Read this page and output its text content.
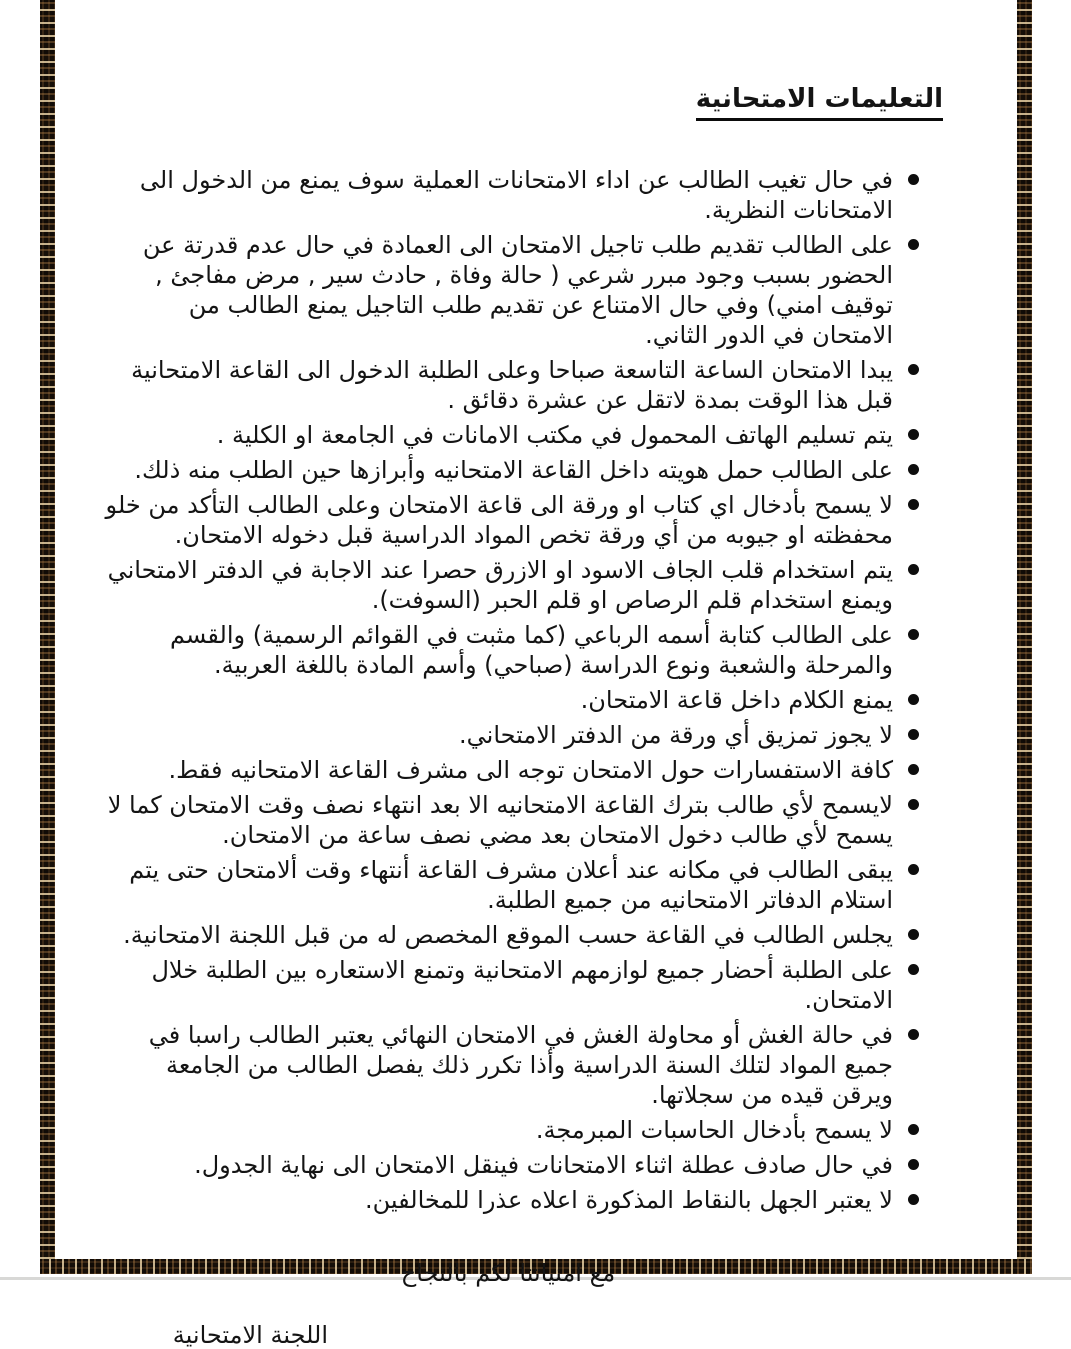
التعليمات الامتحانية
في حال تغيب الطالب عن اداء الامتحانات العملية سوف يمنع من الدخول الى الامتحانات النظرية.
على الطالب تقديم طلب تاجيل الامتحان الى العمادة في حال عدم قدرتة عن الحضور بسبب وجود مبرر شرعي ( حالة وفاة , حادث سير , مرض مفاجئ , توقيف امني) وفي حال الامتناع عن تقديم طلب التاجيل يمنع الطالب من الامتحان في الدور الثاني.
يبدا الامتحان الساعة التاسعة صباحا وعلى الطلبة الدخول الى القاعة الامتحانية قبل هذا الوقت بمدة لاتقل عن عشرة دقائق .
يتم تسليم الهاتف المحمول في مكتب الامانات في الجامعة او الكلية .
على الطالب حمل هويته داخل القاعة الامتحانيه وأبرازها حين الطلب منه ذلك.
لا يسمح بأدخال اي كتاب او ورقة الى قاعة الامتحان وعلى الطالب التأكد من خلو محفظته او جيوبه من أي ورقة تخص المواد الدراسية قبل دخوله الامتحان.
يتم استخدام قلب الجاف الاسود او الازرق حصرا عند الاجابة في الدفتر الامتحاني ويمنع استخدام قلم الرصاص او قلم الحبر (السوفت).
على الطالب كتابة أسمه الرباعي (كما مثبت في القوائم الرسمية) والقسم والمرحلة والشعبة ونوع الدراسة (صباحي) وأسم المادة باللغة العربية.
يمنع الكلام داخل قاعة الامتحان.
لا يجوز تمزيق أي ورقة من الدفتر الامتحاني.
كافة الاستفسارات حول الامتحان توجه الى مشرف القاعة الامتحانيه فقط.
لايسمح لأي طالب بترك القاعة الامتحانيه الا بعد انتهاء نصف وقت الامتحان كما لا يسمح لأي طالب دخول الامتحان بعد مضي نصف ساعة من الامتحان.
يبقى الطالب في مكانه عند أعلان مشرف القاعة أنتهاء وقت ألامتحان حتى يتم استلام الدفاتر الامتحانيه من جميع الطلبة.
يجلس الطالب في القاعة حسب الموقع المخصص له من قبل اللجنة الامتحانية.
على الطلبة أحضار جميع لوازمهم الامتحانية وتمنع الاستعاره بين الطلبة خلال الامتحان.
في حالة الغش أو محاولة الغش في الامتحان النهائي يعتبر الطالب راسبا في جميع المواد لتلك السنة الدراسية وأذا تكرر ذلك يفصل الطالب من الجامعة ويرقن قيده من سجلاتها.
لا يسمح بأدخال الحاسبات المبرمجة.
في حال صادف عطلة اثناء الامتحانات فينقل الامتحان الى نهاية الجدول.
لا يعتبر الجهل بالنقاط المذكورة اعلاه عذرا للمخالفين.
مع امنياتنا لكم بالنجاح
اللجنة الامتحانية
